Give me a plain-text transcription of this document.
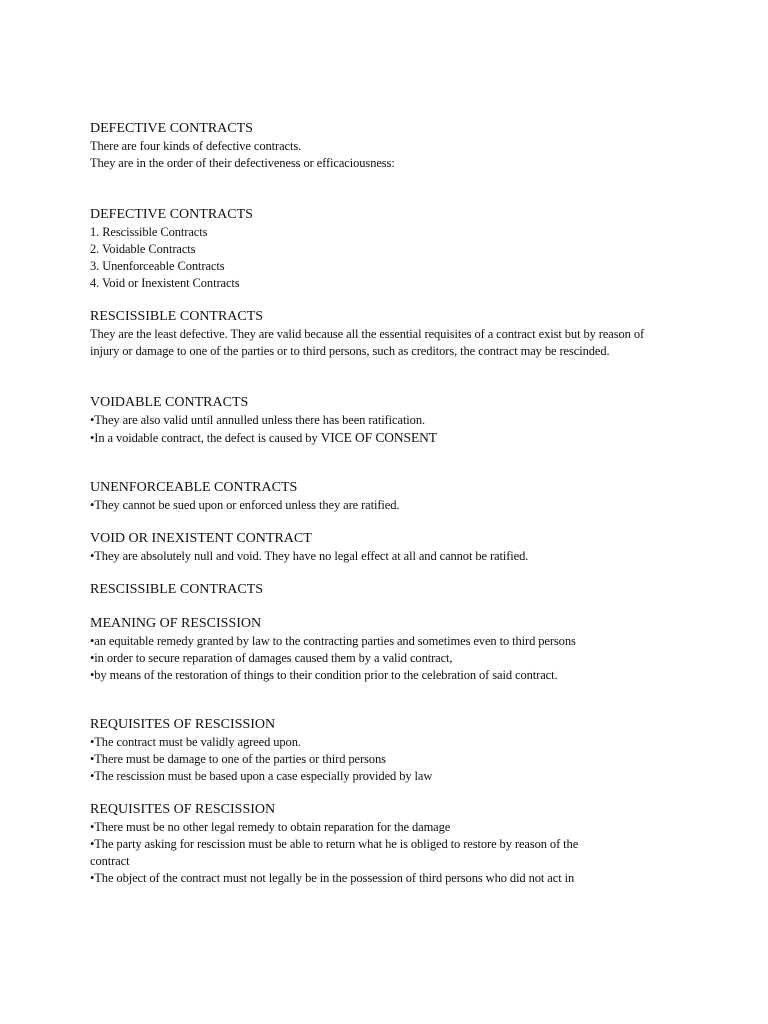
DEFECTIVE CONTRACTS
There are four kinds of defective contracts.
They are in the order of their defectiveness or efficaciousness:
DEFECTIVE CONTRACTS
1. Rescissible Contracts
2. Voidable Contracts
3. Unenforceable Contracts
4. Void or Inexistent Contracts
RESCISSIBLE CONTRACTS
They are the least defective. They are valid because all the essential requisites of a contract exist but by reason of injury or damage to one of the parties or to third persons, such as creditors, the contract may be rescinded.
VOIDABLE CONTRACTS
•They are also valid until annulled unless there has been ratification.
•In a voidable contract, the defect is caused by VICE OF CONSENT
UNENFORCEABLE CONTRACTS
•They cannot be sued upon or enforced unless they are ratified.
VOID OR INEXISTENT CONTRACT
•They are absolutely null and void. They have no legal effect at all and cannot be ratified.
RESCISSIBLE CONTRACTS
MEANING OF RESCISSION
•an equitable remedy granted by law to the contracting parties and sometimes even to third persons
•in order to secure reparation of damages caused them by a valid contract,
•by means of the restoration of things to their condition prior to the celebration of said contract.
REQUISITES OF RESCISSION
•The contract must be validly agreed upon.
•There must be damage to one of the parties or third persons
•The rescission must be based upon a case especially provided by law
REQUISITES OF RESCISSION
•There must be no other legal remedy to obtain reparation for the damage
•The party asking for rescission must be able to return what he is obliged to restore by reason of the
contract
•The object of the contract must not legally be in the possession of third persons who did not act in
